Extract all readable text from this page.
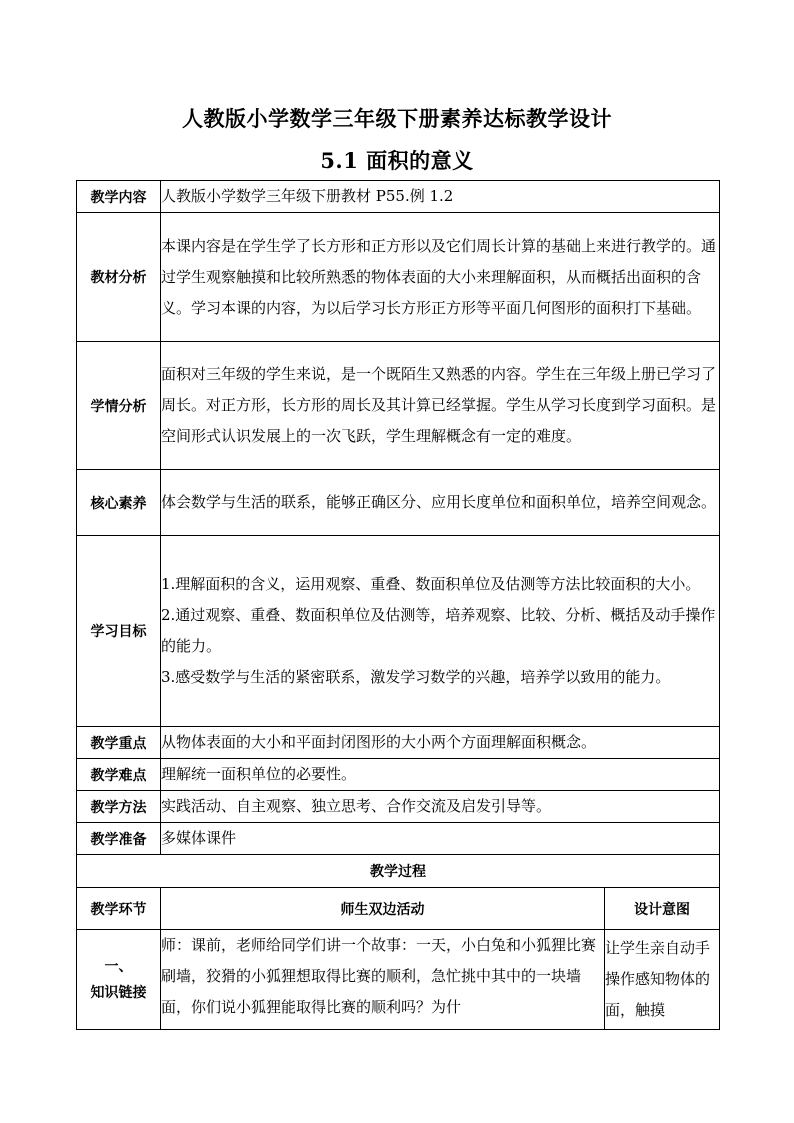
人教版小学数学三年级下册素养达标教学设计
5.1 面积的意义
教学内容	人教版小学数学三年级下册教材 P55.例 1.2	
教材分析	本课内容是在学生学了长方形和正方形以及它们周长计算的基础上来进行教学的。通过学生观察触摸和比较所熟悉的物体表面的大小来理解面积，从而概括出面积的含义。学习本课的内容，为以后学习长方形正方形等平面几何图形的面积打下基础。	
学情分析	面积对三年级的学生来说，是一个既陌生又熟悉的内容。学生在三年级上册已学习了周长。对正方形，长方形的周长及其计算已经掌握。学生从学习长度到学习面积。是空间形式认识发展上的一次飞跃，学生理解概念有一定的难度。	
核心素养	体会数学与生活的联系，能够正确区分、应用长度单位和面积单位，培养空间观念。	
学习目标	1.理解面积的含义，运用观察、重叠、数面积单位及估测等方法比较面积的大小。
2.通过观察、重叠、数面积单位及估测等，培养观察、比较、分析、概括及动手操作的能力。
3.感受数学与生活的紧密联系，激发学习数学的兴趣，培养学以致用的能力。	

教学重点	从物体表面的大小和平面封闭图形的大小两个方面理解面积概念。	
教学难点	理解统一面积单位的必要性。	
教学方法	实践活动、自主观察、独立思考、合作交流及启发引导等。	
教学准备	多媒体课件	
教学过程		
教学环节	师生双边活动	设计意图

一、
知识链接	师：课前，老师给同学们讲一个故事：一天，小白兔和小狐狸比赛刷墙，狡猾的小狐狸想取得比赛的顺利，急忙挑中其中的一块墙面，你们说小狐狸能取得比赛的顺利吗？为什	让学生亲自动手操作感知物体的面，触摸
